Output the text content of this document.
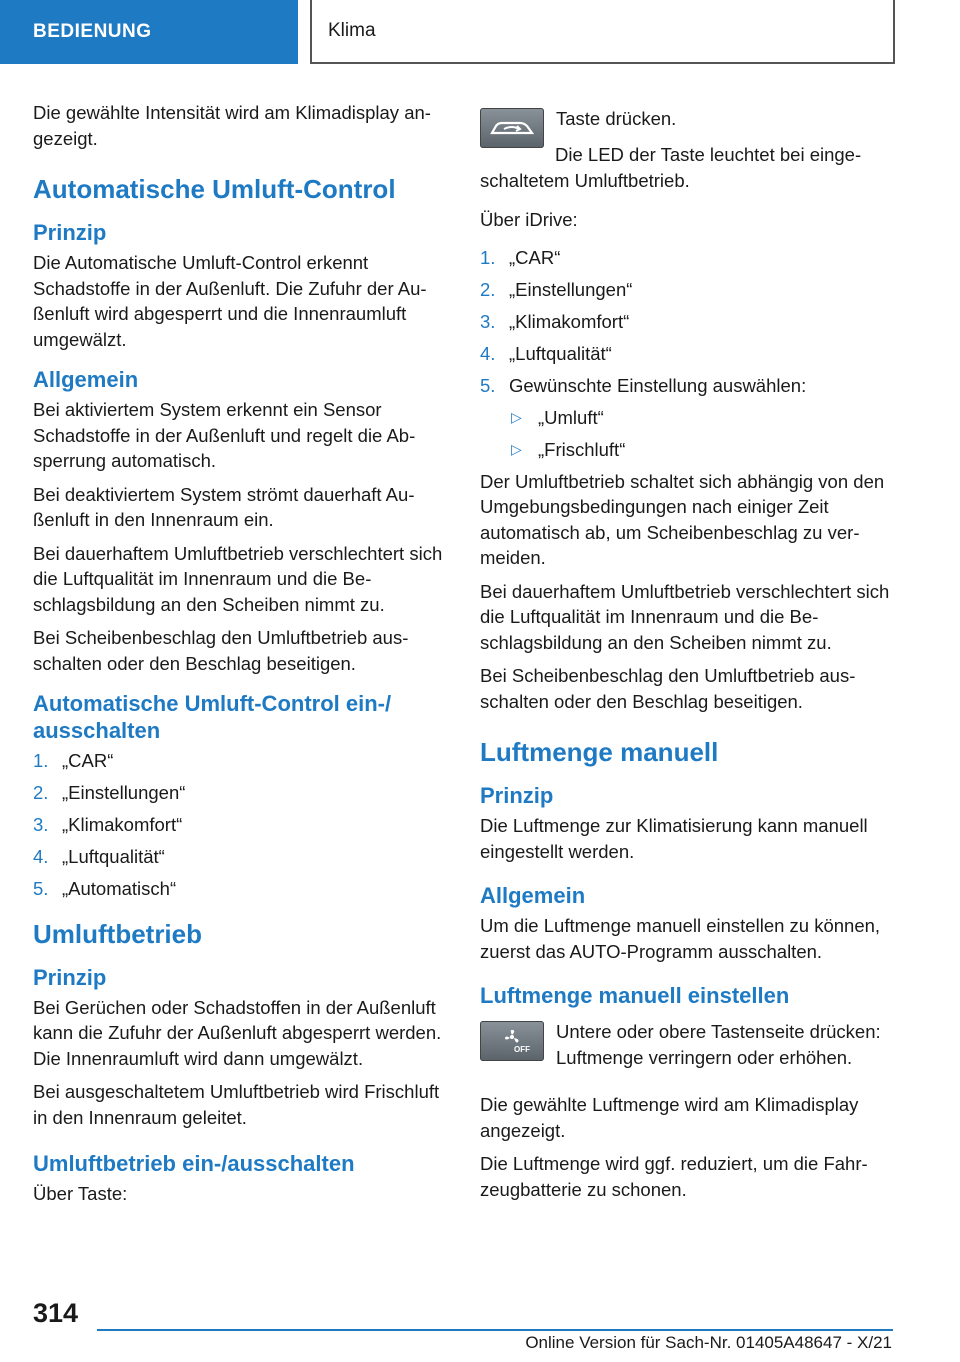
BEDIENUNG	Klima

Die gewählte Intensität wird am Klimadisplay angezeigt.

Automatische Umluft-Control
Prinzip

Die Automatische Umluft-Control erkennt Schadstoffe in der Außenluft. Die Zufuhr der Außenluft wird abgesperrt und die Innenraumluft umgewälzt.

Allgemein

Bei aktiviertem System erkennt ein Sensor Schadstoffe in der Außenluft und regelt die Absperrung automatisch.

Bei deaktiviertem System strömt dauerhaft Außenluft in den Innenraum ein.

Bei dauerhaftem Umluftbetrieb verschlechtert sich die Luftqualität im Innenraum und die Beschlagsbildung an den Scheiben nimmt zu.

Bei Scheibenbeschlag den Umluftbetrieb ausschalten oder den Beschlag beseitigen.

Automatische Umluft-Control ein-/ ausschalten
1. „CAR“
2. „Einstellungen“
3. „Klimakomfort“
4. „Luftqualität“
5. „Automatisch“
Umluftbetrieb
Prinzip

Bei Gerüchen oder Schadstoffen in der Außenluft kann die Zufuhr der Außenluft abgesperrt werden. Die Innenraumluft wird dann umgewälzt.

Bei ausgeschaltetem Umluftbetrieb wird Frischluft in den Innenraum geleitet.

Umluftbetrieb ein-/ausschalten

Über Taste:

Taste drücken.

Die LED der Taste leuchtet bei eingeschaltetem Umluftbetrieb.

Über iDrive:

1. „CAR“
2. „Einstellungen“
3. „Klimakomfort“
4. „Luftqualität“
5. Gewünschte Einstellung auswählen:
▷ „Umluft“
▷ „Frischluft“

Der Umluftbetrieb schaltet sich abhängig von den Umgebungsbedingungen nach einiger Zeit automatisch ab, um Scheibenbeschlag zu vermeiden.

Bei dauerhaftem Umluftbetrieb verschlechtert sich die Luftqualität im Innenraum und die Beschlagsbildung an den Scheiben nimmt zu.

Bei Scheibenbeschlag den Umluftbetrieb ausschalten oder den Beschlag beseitigen.

Luftmenge manuell
Prinzip

Die Luftmenge zur Klimatisierung kann manuell eingestellt werden.

Allgemein

Um die Luftmenge manuell einstellen zu können, zuerst das AUTO-Programm ausschalten.

Luftmenge manuell einstellen
OFF

Untere oder obere Tastenseite drücken: Luftmenge verringern oder erhöhen.

Die gewählte Luftmenge wird am Klimadisplay angezeigt.

Die Luftmenge wird ggf. reduziert, um die Fahrzeugbatterie zu schonen.

314
Online Version für Sach-Nr. 01405A48647 - X/21
